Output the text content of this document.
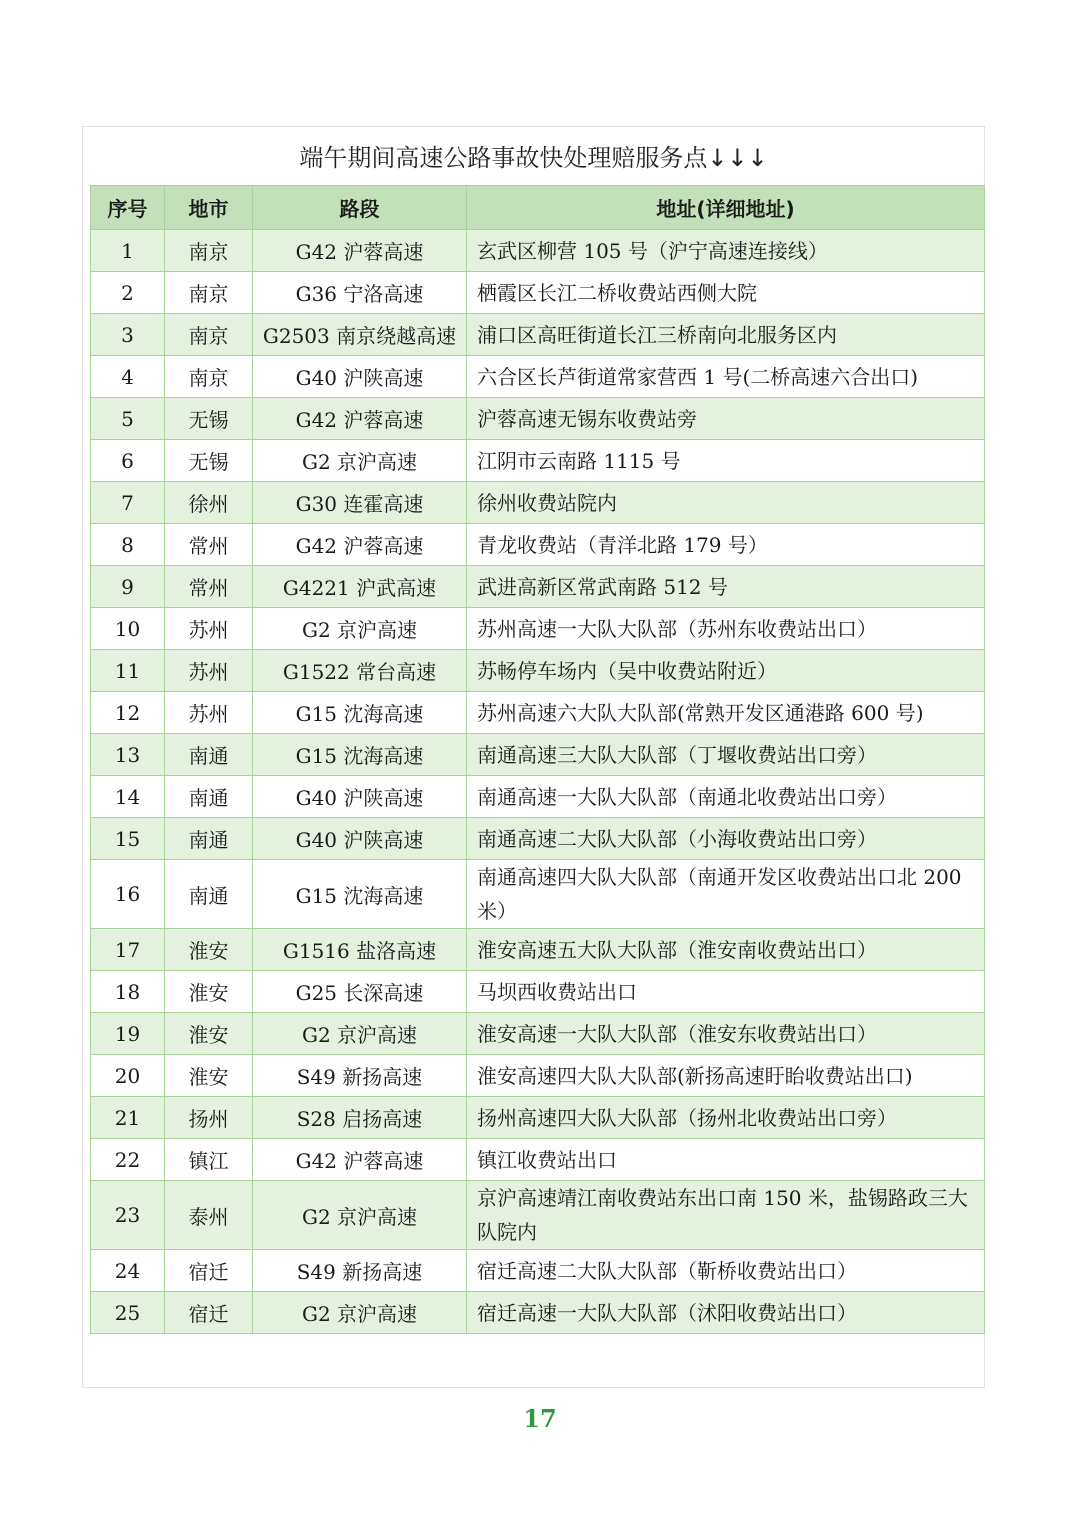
端午期间高速公路事故快处理赔服务点↓↓↓
序号	地市	路段	地址(详细地址)
1	南京	G42 沪蓉高速	玄武区柳营 105 号（沪宁高速连接线）
2	南京	G36 宁洛高速	栖霞区长江二桥收费站西侧大院
3	南京	G2503 南京绕越高速	浦口区高旺街道长江三桥南向北服务区内
4	南京	G40 沪陕高速	六合区长芦街道常家营西 1 号(二桥高速六合出口)
5	无锡	G42 沪蓉高速	沪蓉高速无锡东收费站旁
6	无锡	G2 京沪高速	江阴市云南路 1115 号
7	徐州	G30 连霍高速	徐州收费站院内
8	常州	G42 沪蓉高速	青龙收费站（青洋北路 179 号）
9	常州	G4221 沪武高速	武进高新区常武南路 512 号
10	苏州	G2 京沪高速	苏州高速一大队大队部（苏州东收费站出口）
11	苏州	G1522 常台高速	苏畅停车场内（吴中收费站附近）
12	苏州	G15 沈海高速	苏州高速六大队大队部(常熟开发区通港路 600 号)
13	南通	G15 沈海高速	南通高速三大队大队部（丁堰收费站出口旁）
14	南通	G40 沪陕高速	南通高速一大队大队部（南通北收费站出口旁）
15	南通	G40 沪陕高速	南通高速二大队大队部（小海收费站出口旁）
16	南通	G15 沈海高速	南通高速四大队大队部（南通开发区收费站出口北 200 米）
17	淮安	G1516 盐洛高速	淮安高速五大队大队部（淮安南收费站出口）
18	淮安	G25 长深高速	马坝西收费站出口
19	淮安	G2 京沪高速	淮安高速一大队大队部（淮安东收费站出口）
20	淮安	S49 新扬高速	淮安高速四大队大队部(新扬高速盱眙收费站出口)
21	扬州	S28 启扬高速	扬州高速四大队大队部（扬州北收费站出口旁）
22	镇江	G42 沪蓉高速	镇江收费站出口
23	泰州	G2 京沪高速	京沪高速靖江南收费站东出口南 150 米，盐锡路政三大队院内
24	宿迁	S49 新扬高速	宿迁高速二大队大队部（靳桥收费站出口）
25	宿迁	G2 京沪高速	宿迁高速一大队大队部（沭阳收费站出口）
17
